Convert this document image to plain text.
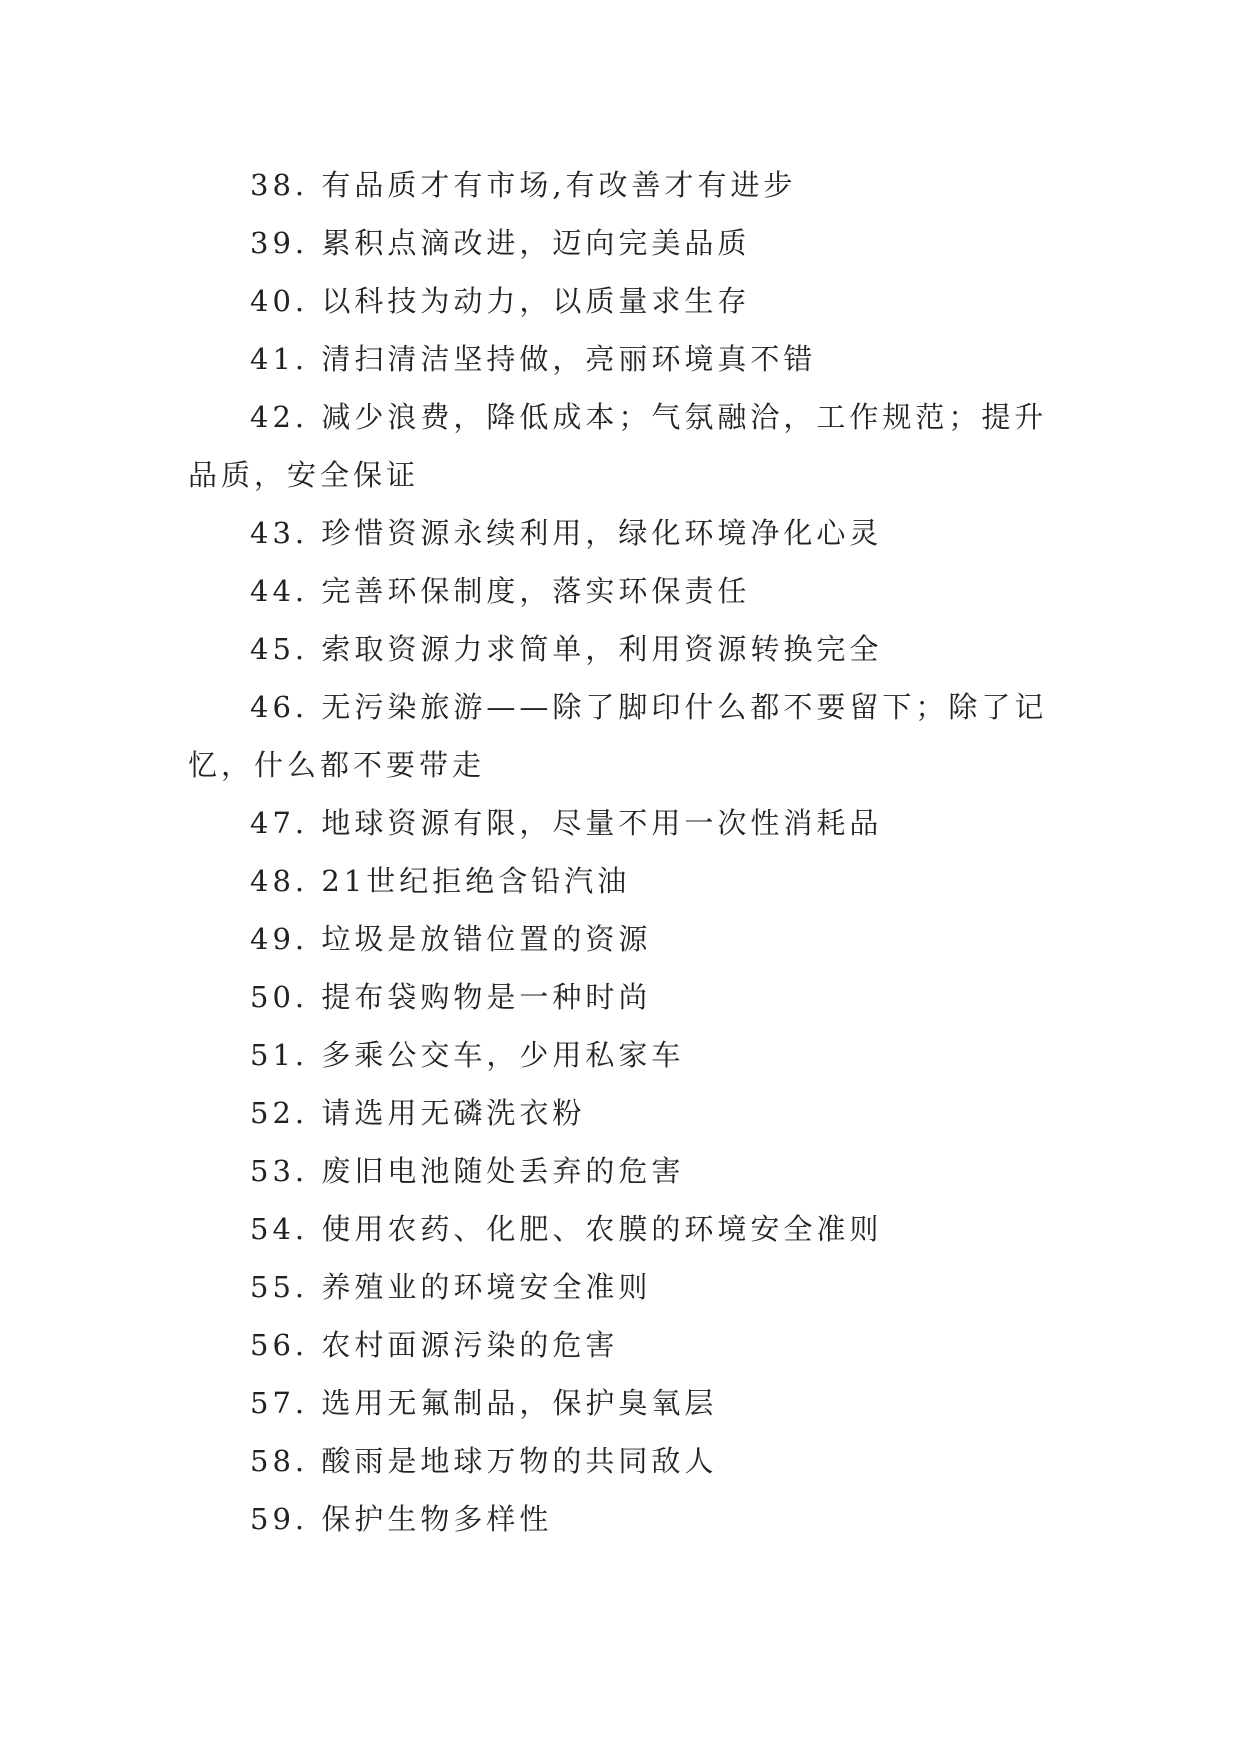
38. 有品质才有市场,有改善才有进步

39. 累积点滴改进，迈向完美品质

40. 以科技为动力，以质量求生存

41. 清扫清洁坚持做，亮丽环境真不错

42. 减少浪费，降低成本；气氛融洽，工作规范；提升品质，安全保证

43. 珍惜资源永续利用，绿化环境净化心灵

44. 完善环保制度，落实环保责任

45. 索取资源力求简单，利用资源转换完全

46. 无污染旅游——除了脚印什么都不要留下；除了记忆，什么都不要带走

47. 地球资源有限，尽量不用一次性消耗品

48. 21世纪拒绝含铅汽油

49. 垃圾是放错位置的资源

50. 提布袋购物是一种时尚

51. 多乘公交车，少用私家车

52. 请选用无磷洗衣粉

53. 废旧电池随处丢弃的危害

54. 使用农药、化肥、农膜的环境安全准则

55. 养殖业的环境安全准则

56. 农村面源污染的危害

57. 选用无氟制品，保护臭氧层

58. 酸雨是地球万物的共同敌人

59. 保护生物多样性
